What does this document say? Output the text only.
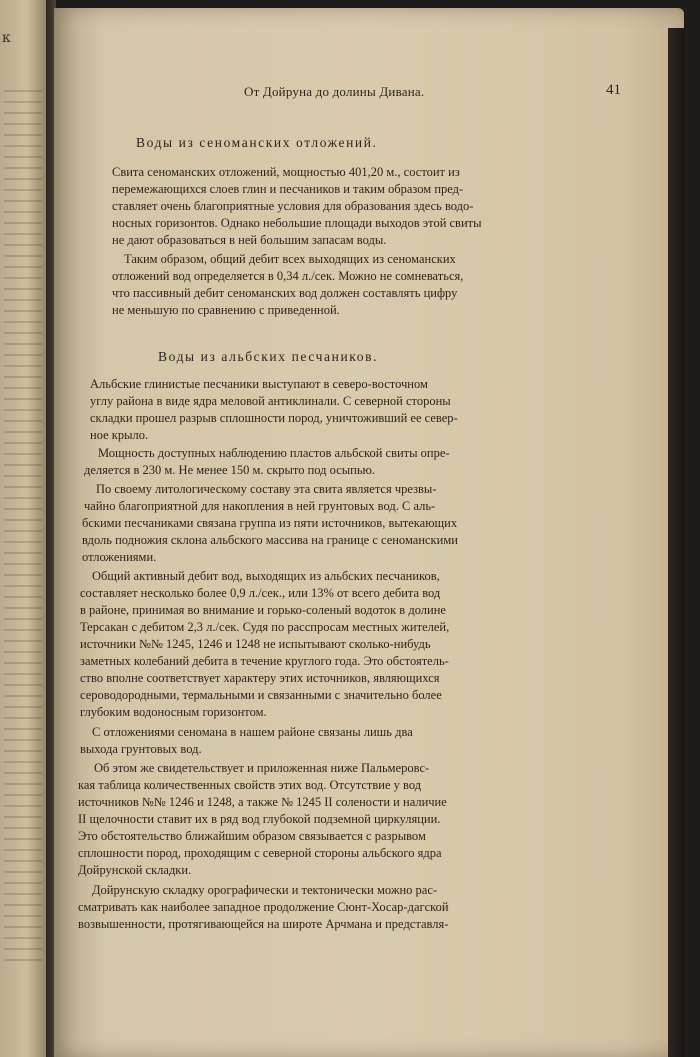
к
От Дойруна до долины Дивана.	41
Воды из сеноманских отложений.
Свита сеноманских отложений, мощностью 401,20 м., состоит из
перемежающихся слоев глин и песчаников и таким образом пред-
ставляет очень благоприятные условия для образования здесь водо-
носных горизонтов. Однако небольшие площади выходов этой свиты
не дают образоваться в ней большим запасам воды.
Таким образом, общий дебит всех выходящих из сеноманских
отложений вод определяется в 0,34 л./сек. Можно не сомневаться,
что пассивный дебит сеноманских вод должен составлять цифру
не меньшую по сравнению с приведенной.
Воды из альбских песчаников.
Альбские глинистые песчаники выступают в северо-восточном
углу района в виде ядра меловой антиклинали. С северной стороны
складки прошел разрыв сплошности пород, уничтоживший ее север-
ное крыло.
Мощность доступных наблюдению пластов альбской свиты опре-
деляется в 230 м. Не менее 150 м. скрыто под осыпью.
По своему литологическому составу эта свита является чрезвы-
чайно благоприятной для накопления в ней грунтовых вод. С аль-
бскими песчаниками связана группа из пяти источников, вытекающих
вдоль подножия склона альбского массива на границе с сеноманскими
отложениями.
Общий активный дебит вод, выходящих из альбских песчаников,
составляет несколько более 0,9 л./сек., или 13% от всего дебита вод
в районе, принимая во внимание и горько-соленый водоток в долине
Терсакан с дебитом 2,3 л./сек. Судя по расспросам местных жителей,
источники №№ 1245, 1246 и 1248 не испытывают сколько-нибудь
заметных колебаний дебита в течение круглого года. Это обстоятель-
ство вполне соответствует характеру этих источников, являющихся
сероводородными, термальными и связанными с значительно более
глубоким водоносным горизонтом.
С отложениями сеномана в нашем районе связаны лишь два
выхода грунтовых вод.
Об этом же свидетельствует и приложенная ниже Пальмеровс-
кая таблица количественных свойств этих вод. Отсутствие у вод
источников №№ 1246 и 1248, а также № 1245 II солености и наличие
II щелочности ставит их в ряд вод глубокой подземной циркуляции.
Это обстоятельство ближайшим образом связывается с разрывом
сплошности пород, проходящим с северной стороны альбского ядра
Дойрунской складки.
Дойрунскую складку орографически и тектонически можно рас-
сматривать как наиболее западное продолжение Сюнт-Хосар-дагской
возвышенности, протягивающейся на широте Арчмана и представля-
